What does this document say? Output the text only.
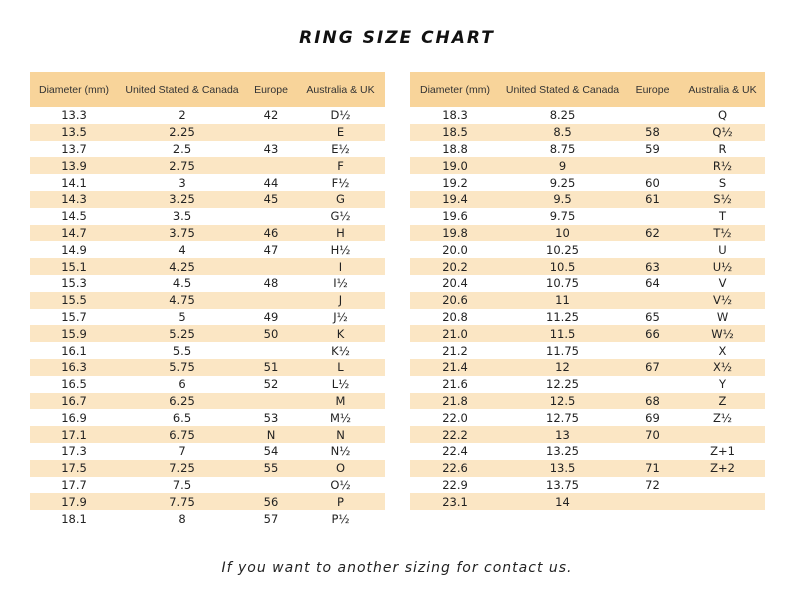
RING SIZE CHART
Diameter (mm)	United Stated & Canada	Europe	Australia & UK
13.3	2	42	D½
13.5	2.25		E
13.7	2.5	43	E½
13.9	2.75		F
14.1	3	44	F½
14.3	3.25	45	G
14.5	3.5		G½
14.7	3.75	46	H
14.9	4	47	H½
15.1	4.25		I
15.3	4.5	48	I½
15.5	4.75		J
15.7	5	49	J½
15.9	5.25	50	K
16.1	5.5		K½
16.3	5.75	51	L
16.5	6	52	L½
16.7	6.25		M
16.9	6.5	53	M½
17.1	6.75	N	N
17.3	7	54	N½
17.5	7.25	55	O
17.7	7.5		O½
17.9	7.75	56	P
18.1	8	57	P½
Diameter (mm)	United Stated & Canada	Europe	Australia & UK
18.3	8.25		Q
18.5	8.5	58	Q½
18.8	8.75	59	R
19.0	9		R½
19.2	9.25	60	S
19.4	9.5	61	S½
19.6	9.75		T
19.8	10	62	T½
20.0	10.25		U
20.2	10.5	63	U½
20.4	10.75	64	V
20.6	11		V½
20.8	11.25	65	W
21.0	11.5	66	W½
21.2	11.75		X
21.4	12	67	X½
21.6	12.25		Y
21.8	12.5	68	Z
22.0	12.75	69	Z½
22.2	13	70	
22.4	13.25		Z+1
22.6	13.5	71	Z+2
22.9	13.75	72	
23.1	14		
If you want to another sizing for contact us.
